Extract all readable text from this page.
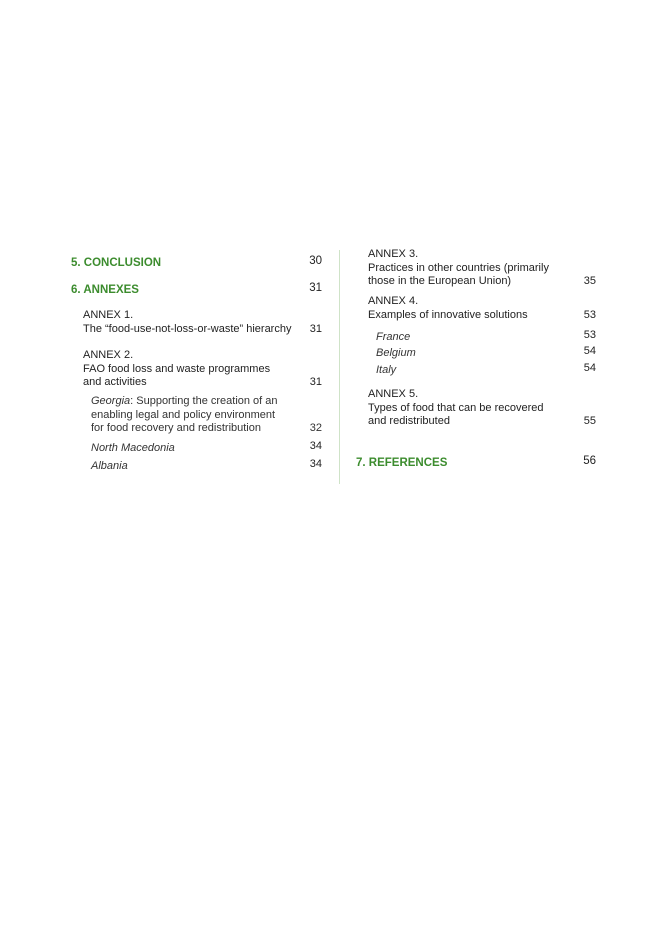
5. CONCLUSION	30
6. ANNEXES	31
ANNEX 1.
The “food-use-not-loss-or-waste” hierarchy 31
ANNEX 2.
FAO food loss and waste programmes
and activities	31
Georgia: Supporting the creation of an
enabling legal and policy environment
for food recovery and redistribution	32
North Macedonia	34
Albania	34
ANNEX 3.
Practices in other countries (primarily
those in the European Union)	35
ANNEX 4.
Examples of innovative solutions	53
France	53
Belgium	54
Italy	54
ANNEX 5.
Types of food that can be recovered
and redistributed	55
7. REFERENCES	56
